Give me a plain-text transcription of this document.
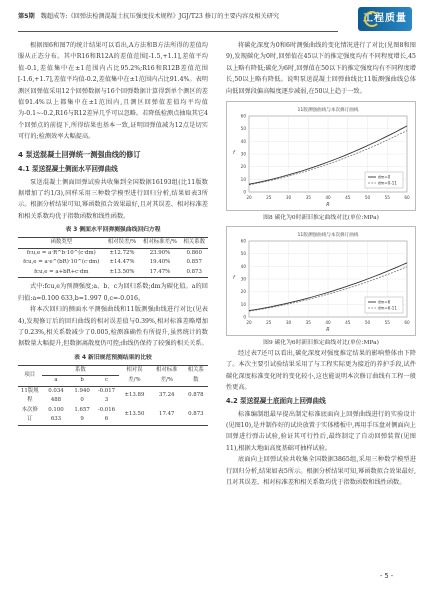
第5期 魏超成等:《回弹法检测混凝土抗压强度技术规程》JGJ/T23 修订的主要内容及相关研究	工程质量

根据图6和图7的统计结果可以看出,A方法和B方法所得的差值均服从正态分布。其中R16和R12A的差值范围[-1.5,+1.1],差值平均值-0.1,差值集中在±1范围内占比95.2%;R16和R12B差值范围[-1.6,+1.7],差值平均值-0.2,差值集中在±1范围内占比91.4%。表明测区回弹值采用12个回弹数据与16个回弹数据计算得到单个测区的差值91.4%以上都集中在±1范围内,且测区回弹值差值均平均值为-0.1~-0.2,R16与R12差异几乎可以忽略。若降低检测点抽取其它4个回弹点的前提下,所得结果也基本一致,证明回弹值减为12点是切实可行的;检测效率大幅提高。

4 泵送混凝土回弹统一测强曲线的修订
4.1 泵送混凝土侧面水平回弹曲线

泵送混凝土侧面回弹试验共收集到全国数据16193组(比11版数据增加了约1/3),同样采用三种数学模型进行回归分析,结果如表3所示。根据分析结果可知,幂函数拟合效果最好,且对其误差、相对标准差和相关系数均优于指数函数和线性函数。

表 3 侧面水平回弹测强曲线回归方程
函数类型	相对误差/%	相对标准差/%	相关系数
fcu,e = a·R^b·10^(c·dm)	±12.72%	23.90%	0.860
fcu,e = a·e^(bR)·10^(c·dm)	±14.47%	19.40%	0.857
fcu,e = a+bR+c·dm	±13.50%	17.47%	0.873

式中:fcu,e为预测强度;a、b、c为回归系数;dm为碳化值。a的回归值:a=0.100 633,b=1.997 0,c=-0.016。

将本次回归的侧面水平测强曲线和11版测强曲线进行对比(见表4),发现修订后的回归曲线的相对误差值与0.39%,相对标准差略增加了0.23%,相关系数减少了0.005,检测准确性有所提升,虽然统计的数据数量大幅提升,但数据离散度仍可控;曲线仍保持了较强的相关关系。

表 4 新旧规范预测结果的比较
项目	系数			相对误差/%	相对标准差/%	相关系数
	a	b	c			
11版规程	0.034 488	1.940 0	-0.017 3	±13.89	37.24	0.878
本次修订	0.100 633	1.657 9	-0.016 6	±13.50	17.47	0.873

将碳化深度为0和6时测强曲线的变化情况进行了对比(见图8和图9),发现碳化为0时,回弹值在45以下的推定强度均有不同程度增长,45以上略有降低;碳化为6时,回弹值在50以下的推定强度均有不同程度增长,50以上略有降低。说明泵送混凝土回弹曲线比11版测强曲线总体向低回弹段偏高幅度逐步减弱,在50以上趋于一致。

11版测强曲线与本次修订曲线
60
50
40
30
20
10
0
20	25	30	35	40	45	50	55	60
f
R
dm=0
dm=0-11
图8 碳化为0时新旧推定曲线对比(单位:MPa)
11版测强曲线与本次修订曲线
60
50
40
30
20
10
0
20	25	30	35	40	45	50	55	60
f
R
dm=6
dm=6-11
图9 碳化为6时新旧推定曲线对比(单位:MPa)

经过表7还可以看出,碳化深度对强度推定结果的影响整体由下降了。本次主要引试验结果采用了与工程实际更为接近的养护手段,试件碳化深度标准变化时的变化较小,这也能说明本次修订曲线有工程一般性更高。

4.2 泵送混凝土底面向上回弹曲线

标准编制组最早提出制定标准底面向上回弹曲线进行的实验设计(见图10),是并制作好的试块放置于实体楼板中,再用手压盘对侧面向上回弹进行弹击试验,验证其可行性后,最终制定了自动回弹装置(见图11),根据大地面高度基础可抽样试验。

底面向上回弹试验共收集全国数据3865组,采用三种数学模型进行回归分析,结果如表5所示。根据分析结果可知,幂函数拟合效果最好,且对其误差、相对标准差和相关系数均优于指数函数和线性函数。

- 5 -
